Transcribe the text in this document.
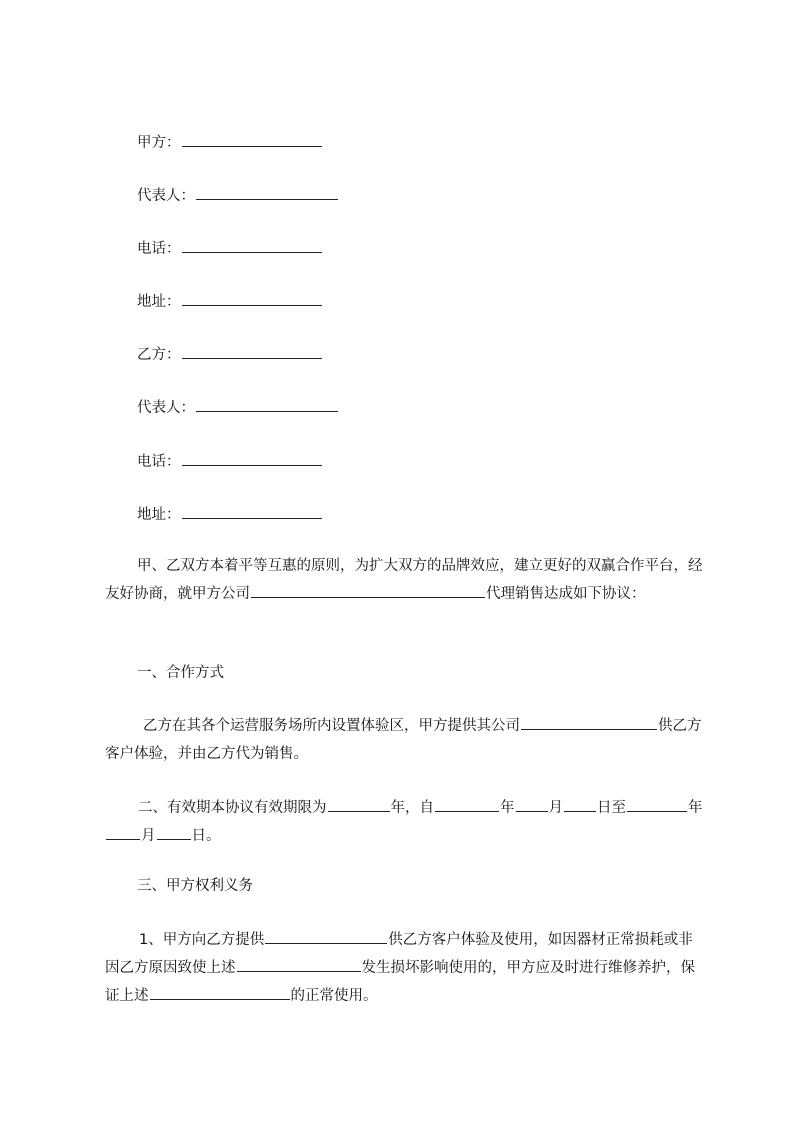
甲方：
代表人：
电话：
地址：
乙方：
代表人：
电话：
地址：
甲、乙双方本着平等互惠的原则，为扩大双方的品牌效应，建立更好的双赢合作平台，经友好协商，就甲方公司	代理销售达成如下协议：
一、合作方式
乙方在其各个运营服务场所内设置体验区，甲方提供其公司	供乙方客户体验，并由乙方代为销售。
二、有效期本协议有效期限为	年，自	年 月 日至	年月 日。
三、甲方权利义务
1、甲方向乙方提供	供乙方客户体验及使用，如因器材正常损耗或非因乙方原因致使上述	发生损坏影响使用的，甲方应及时进行维修养护，保证上述	的正常使用。
